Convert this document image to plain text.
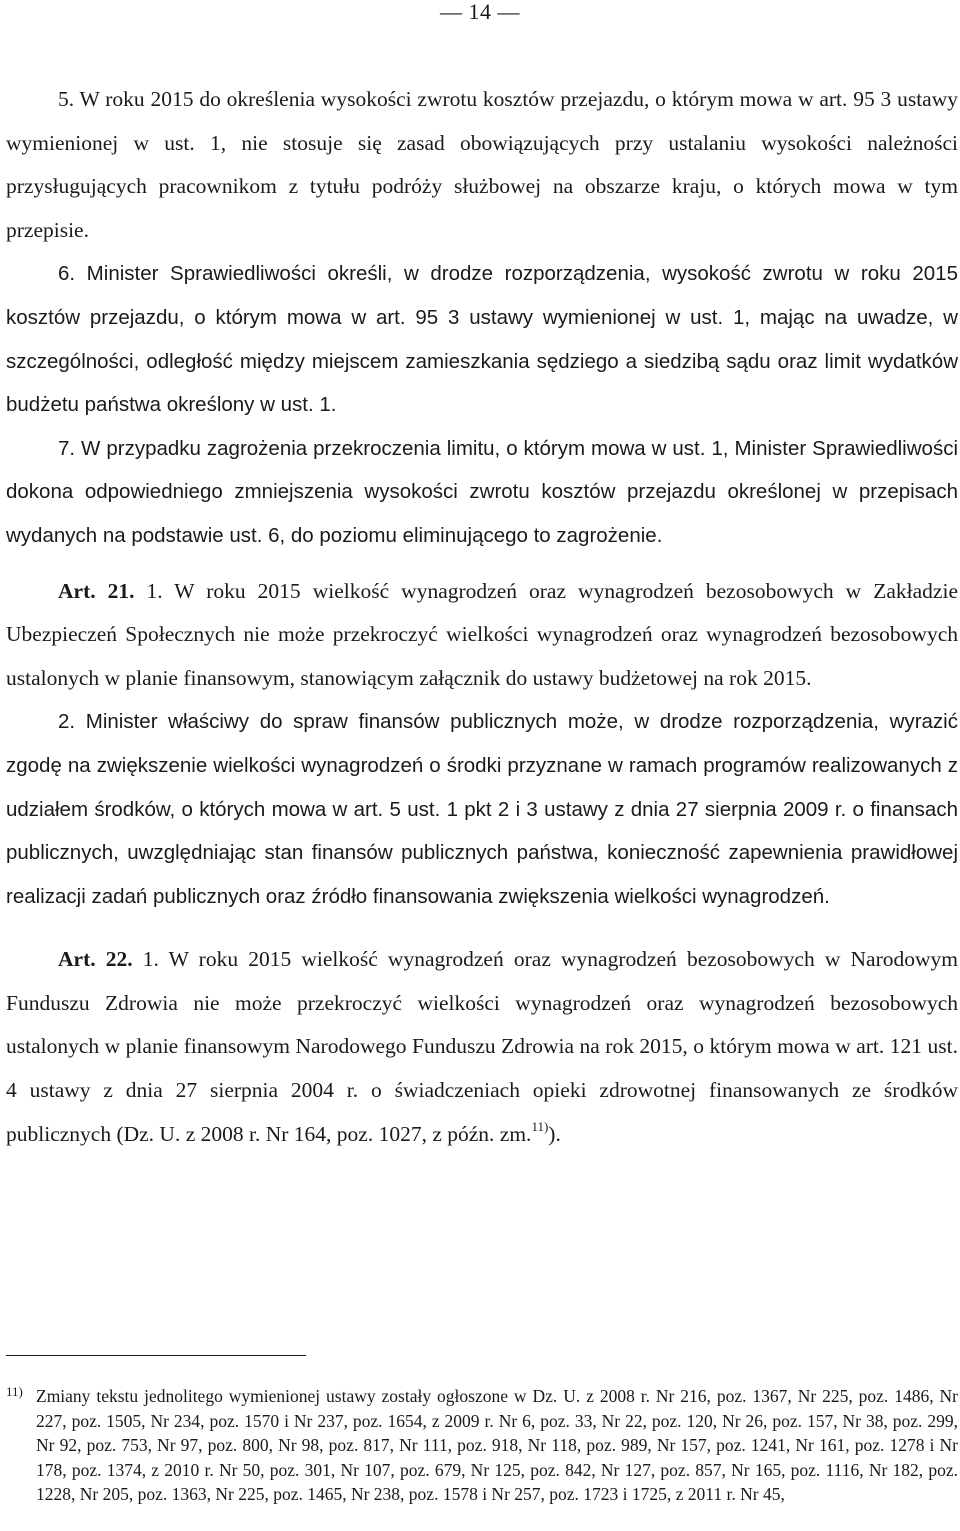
— 14 —

5. W roku 2015 do określenia wysokości zwrotu kosztów przejazdu, o którym mowa w art. 95 3 ustawy wymienionej w ust. 1, nie stosuje się zasad obowiązujących przy ustalaniu wysokości należności przysługujących pracownikom z tytułu podróży służbowej na obszarze kraju, o których mowa w tym przepisie.

6. Minister Sprawiedliwości określi, w drodze rozporządzenia, wysokość zwrotu w roku 2015 kosztów przejazdu, o którym mowa w art. 95 3 ustawy wymienionej w ust. 1, mając na uwadze, w szczególności, odległość między miejscem zamieszkania sędziego a siedzibą sądu oraz limit wydatków budżetu państwa określony w ust. 1.

7. W przypadku zagrożenia przekroczenia limitu, o którym mowa w ust. 1, Minister Sprawiedliwości dokona odpowiedniego zmniejszenia wysokości zwrotu kosztów przejazdu określonej w przepisach wydanych na podstawie ust. 6, do poziomu eliminującego to zagrożenie.

Art. 21. 1. W roku 2015 wielkość wynagrodzeń oraz wynagrodzeń bezosobowych w Zakładzie Ubezpieczeń Społecznych nie może przekroczyć wielkości wynagrodzeń oraz wynagrodzeń bezosobowych ustalonych w planie finansowym, stanowiącym załącznik do ustawy budżetowej na rok 2015.

2. Minister właściwy do spraw finansów publicznych może, w drodze rozporządzenia, wyrazić zgodę na zwiększenie wielkości wynagrodzeń o środki przyznane w ramach programów realizowanych z udziałem środków, o których mowa w art. 5 ust. 1 pkt 2 i 3 ustawy z dnia 27 sierpnia 2009 r. o finansach publicznych, uwzględniając stan finansów publicznych państwa, konieczność zapewnienia prawidłowej realizacji zadań publicznych oraz źródło finansowania zwiększenia wielkości wynagrodzeń.

Art. 22. 1. W roku 2015 wielkość wynagrodzeń oraz wynagrodzeń bezosobowych w Narodowym Funduszu Zdrowia nie może przekroczyć wielkości wynagrodzeń oraz wynagrodzeń bezosobowych ustalonych w planie finansowym Narodowego Funduszu Zdrowia na rok 2015, o którym mowa w art. 121 ust. 4 ustawy z dnia 27 sierpnia 2004 r. o świadczeniach opieki zdrowotnej finansowanych ze środków publicznych (Dz. U. z 2008 r. Nr 164, poz. 1027, z późn. zm.$^{11)}$).

11) Zmiany tekstu jednolitego wymienionej ustawy zostały ogłoszone w Dz. U. z 2008 r. Nr 216, poz. 1367, Nr 225, poz. 1486, Nr 227, poz. 1505, Nr 234, poz. 1570 i Nr 237, poz. 1654, z 2009 r. Nr 6, poz. 33, Nr 22, poz. 120, Nr 26, poz. 157, Nr 38, poz. 299, Nr 92, poz. 753, Nr 97, poz. 800, Nr 98, poz. 817, Nr 111, poz. 918, Nr 118, poz. 989, Nr 157, poz. 1241, Nr 161, poz. 1278 i Nr 178, poz. 1374, z 2010 r. Nr 50, poz. 301, Nr 107, poz. 679, Nr 125, poz. 842, Nr 127, poz. 857, Nr 165, poz. 1116, Nr 182, poz. 1228, Nr 205, poz. 1363, Nr 225, poz. 1465, Nr 238, poz. 1578 i Nr 257, poz. 1723 i 1725, z 2011 r. Nr 45,
